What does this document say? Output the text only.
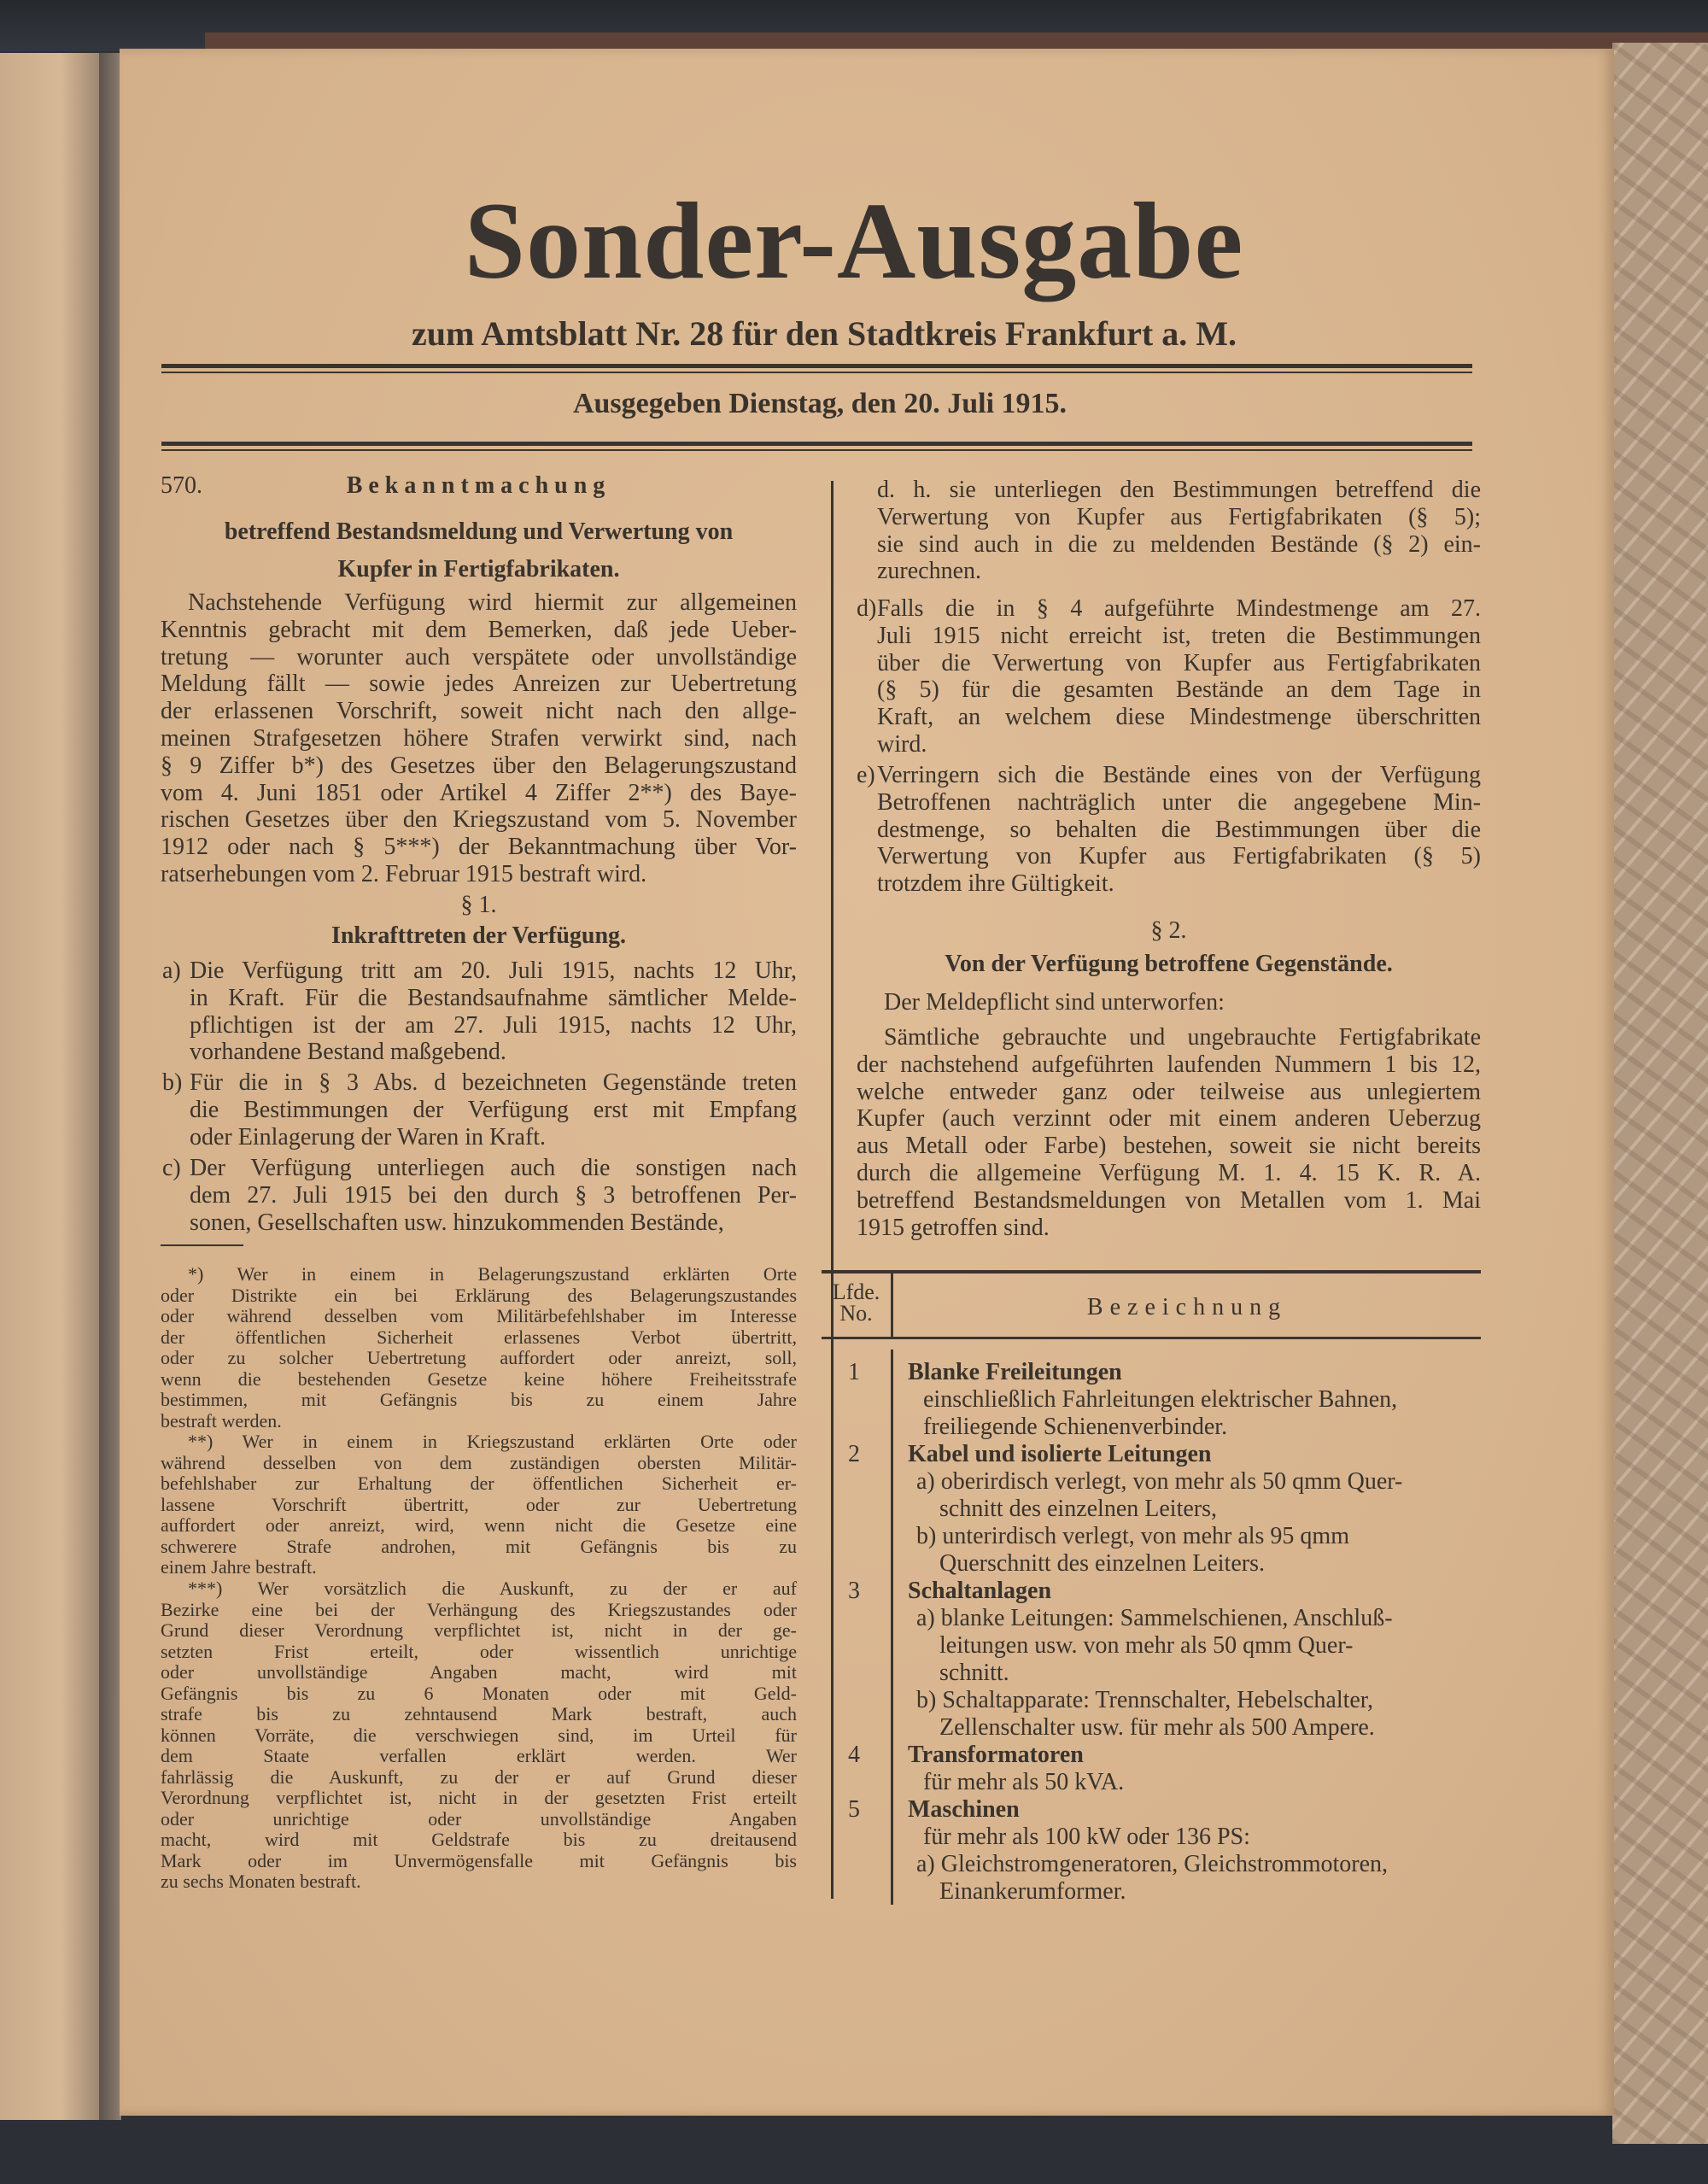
Sonder-Ausgabe
zum Amtsblatt Nr. 28 für den Stadtkreis Frankfurt a. M.
Ausgegeben Dienstag, den 20. Juli 1915.
570.	Bekanntmachung
betreffend Bestandsmeldung und Verwertung von
Kupfer in Fertigfabrikaten.
Nachstehende Verfügung wird hiermit zur allgemeinen
Kenntnis gebracht mit dem Bemerken, daß jede Ueber-
tretung — worunter auch verspätete oder unvollständige
Meldung fällt — sowie jedes Anreizen zur Uebertretung
der erlassenen Vorschrift, soweit nicht nach den allge-
meinen Strafgesetzen höhere Strafen verwirkt sind, nach
§ 9 Ziffer b*) des Gesetzes über den Belagerungszustand
vom 4. Juni 1851 oder Artikel 4 Ziffer 2**) des Baye-
rischen Gesetzes über den Kriegszustand vom 5. November
1912 oder nach § 5***) der Bekanntmachung über Vor-
ratserhebungen vom 2. Februar 1915 bestraft wird.
§ 1.
Inkrafttreten der Verfügung.
a) Die Verfügung tritt am 20. Juli 1915, nachts 12 Uhr,
in Kraft. Für die Bestandsaufnahme sämtlicher Melde-
pflichtigen ist der am 27. Juli 1915, nachts 12 Uhr,
vorhandene Bestand maßgebend.
b) Für die in § 3 Abs. d bezeichneten Gegenstände treten
die Bestimmungen der Verfügung erst mit Empfang
oder Einlagerung der Waren in Kraft.
c) Der Verfügung unterliegen auch die sonstigen nach
dem 27. Juli 1915 bei den durch § 3 betroffenen Per-
sonen, Gesellschaften usw. hinzukommenden Bestände,
*) Wer in einem in Belagerungszustand erklärten Orte
oder Distrikte ein bei Erklärung des Belagerungszustandes
oder während desselben vom Militärbefehlshaber im Interesse
der öffentlichen Sicherheit erlassenes Verbot übertritt,
oder zu solcher Uebertretung auffordert oder anreizt, soll,
wenn die bestehenden Gesetze keine höhere Freiheitsstrafe
bestimmen, mit Gefängnis bis zu einem Jahre
bestraft werden.
**) Wer in einem in Kriegszustand erklärten Orte oder
während desselben von dem zuständigen obersten Militär-
befehlshaber zur Erhaltung der öffentlichen Sicherheit er-
lassene Vorschrift übertritt, oder zur Uebertretung
auffordert oder anreizt, wird, wenn nicht die Gesetze eine
schwerere Strafe androhen, mit Gefängnis bis zu
einem Jahre bestraft.
***) Wer vorsätzlich die Auskunft, zu der er auf
Bezirke eine bei der Verhängung des Kriegszustandes oder
Grund dieser Verordnung verpflichtet ist, nicht in der ge-
setzten Frist erteilt, oder wissentlich unrichtige
oder unvollständige Angaben macht, wird mit
Gefängnis bis zu 6 Monaten oder mit Geld-
strafe bis zu zehntausend Mark bestraft, auch
können Vorräte, die verschwiegen sind, im Urteil für
dem Staate verfallen erklärt werden. Wer
fahrlässig die Auskunft, zu der er auf Grund dieser
Verordnung verpflichtet ist, nicht in der gesetzten Frist erteilt
oder unrichtige oder unvollständige Angaben
macht, wird mit Geldstrafe bis zu dreitausend
Mark oder im Unvermögensfalle mit Gefängnis bis
zu sechs Monaten bestraft.
d. h. sie unterliegen den Bestimmungen betreffend die
Verwertung von Kupfer aus Fertigfabrikaten (§ 5);
sie sind auch in die zu meldenden Bestände (§ 2) ein-
zurechnen.
d) Falls die in § 4 aufgeführte Mindestmenge am 27.
Juli 1915 nicht erreicht ist, treten die Bestimmungen
über die Verwertung von Kupfer aus Fertigfabrikaten
(§ 5) für die gesamten Bestände an dem Tage in
Kraft, an welchem diese Mindestmenge überschritten
wird.
e) Verringern sich die Bestände eines von der Verfügung
Betroffenen nachträglich unter die angegebene Min-
destmenge, so behalten die Bestimmungen über die
Verwertung von Kupfer aus Fertigfabrikaten (§ 5)
trotzdem ihre Gültigkeit.
§ 2.
Von der Verfügung betroffene Gegenstände.
Der Meldepflicht sind unterworfen:
Sämtliche gebrauchte und ungebrauchte Fertigfabrikate
der nachstehend aufgeführten laufenden Nummern 1 bis 12,
welche entweder ganz oder teilweise aus unlegiertem
Kupfer (auch verzinnt oder mit einem anderen Ueberzug
aus Metall oder Farbe) bestehen, soweit sie nicht bereits
durch die allgemeine Verfügung M. 1. 4. 15 K. R. A.
betreffend Bestandsmeldungen von Metallen vom 1. Mai
1915 getroffen sind.
Lfde.
No.	Bezeichnung
1	Blanke Freileitungen
einschließlich Fahrleitungen elektrischer Bahnen,
freiliegende Schienenverbinder.
2	Kabel und isolierte Leitungen
a) oberirdisch verlegt, von mehr als 50 qmm Quer-
schnitt des einzelnen Leiters,
b) unterirdisch verlegt, von mehr als 95 qmm
Querschnitt des einzelnen Leiters.
3	Schaltanlagen
a) blanke Leitungen: Sammelschienen, Anschluß-
leitungen usw. von mehr als 50 qmm Quer-
schnitt.
b) Schaltapparate: Trennschalter, Hebelschalter,
Zellenschalter usw. für mehr als 500 Ampere.
4	Transformatoren
für mehr als 50 kVA.
5	Maschinen
für mehr als 100 kW oder 136 PS:
a) Gleichstromgeneratoren, Gleichstrommotoren,
Einankerumformer.
